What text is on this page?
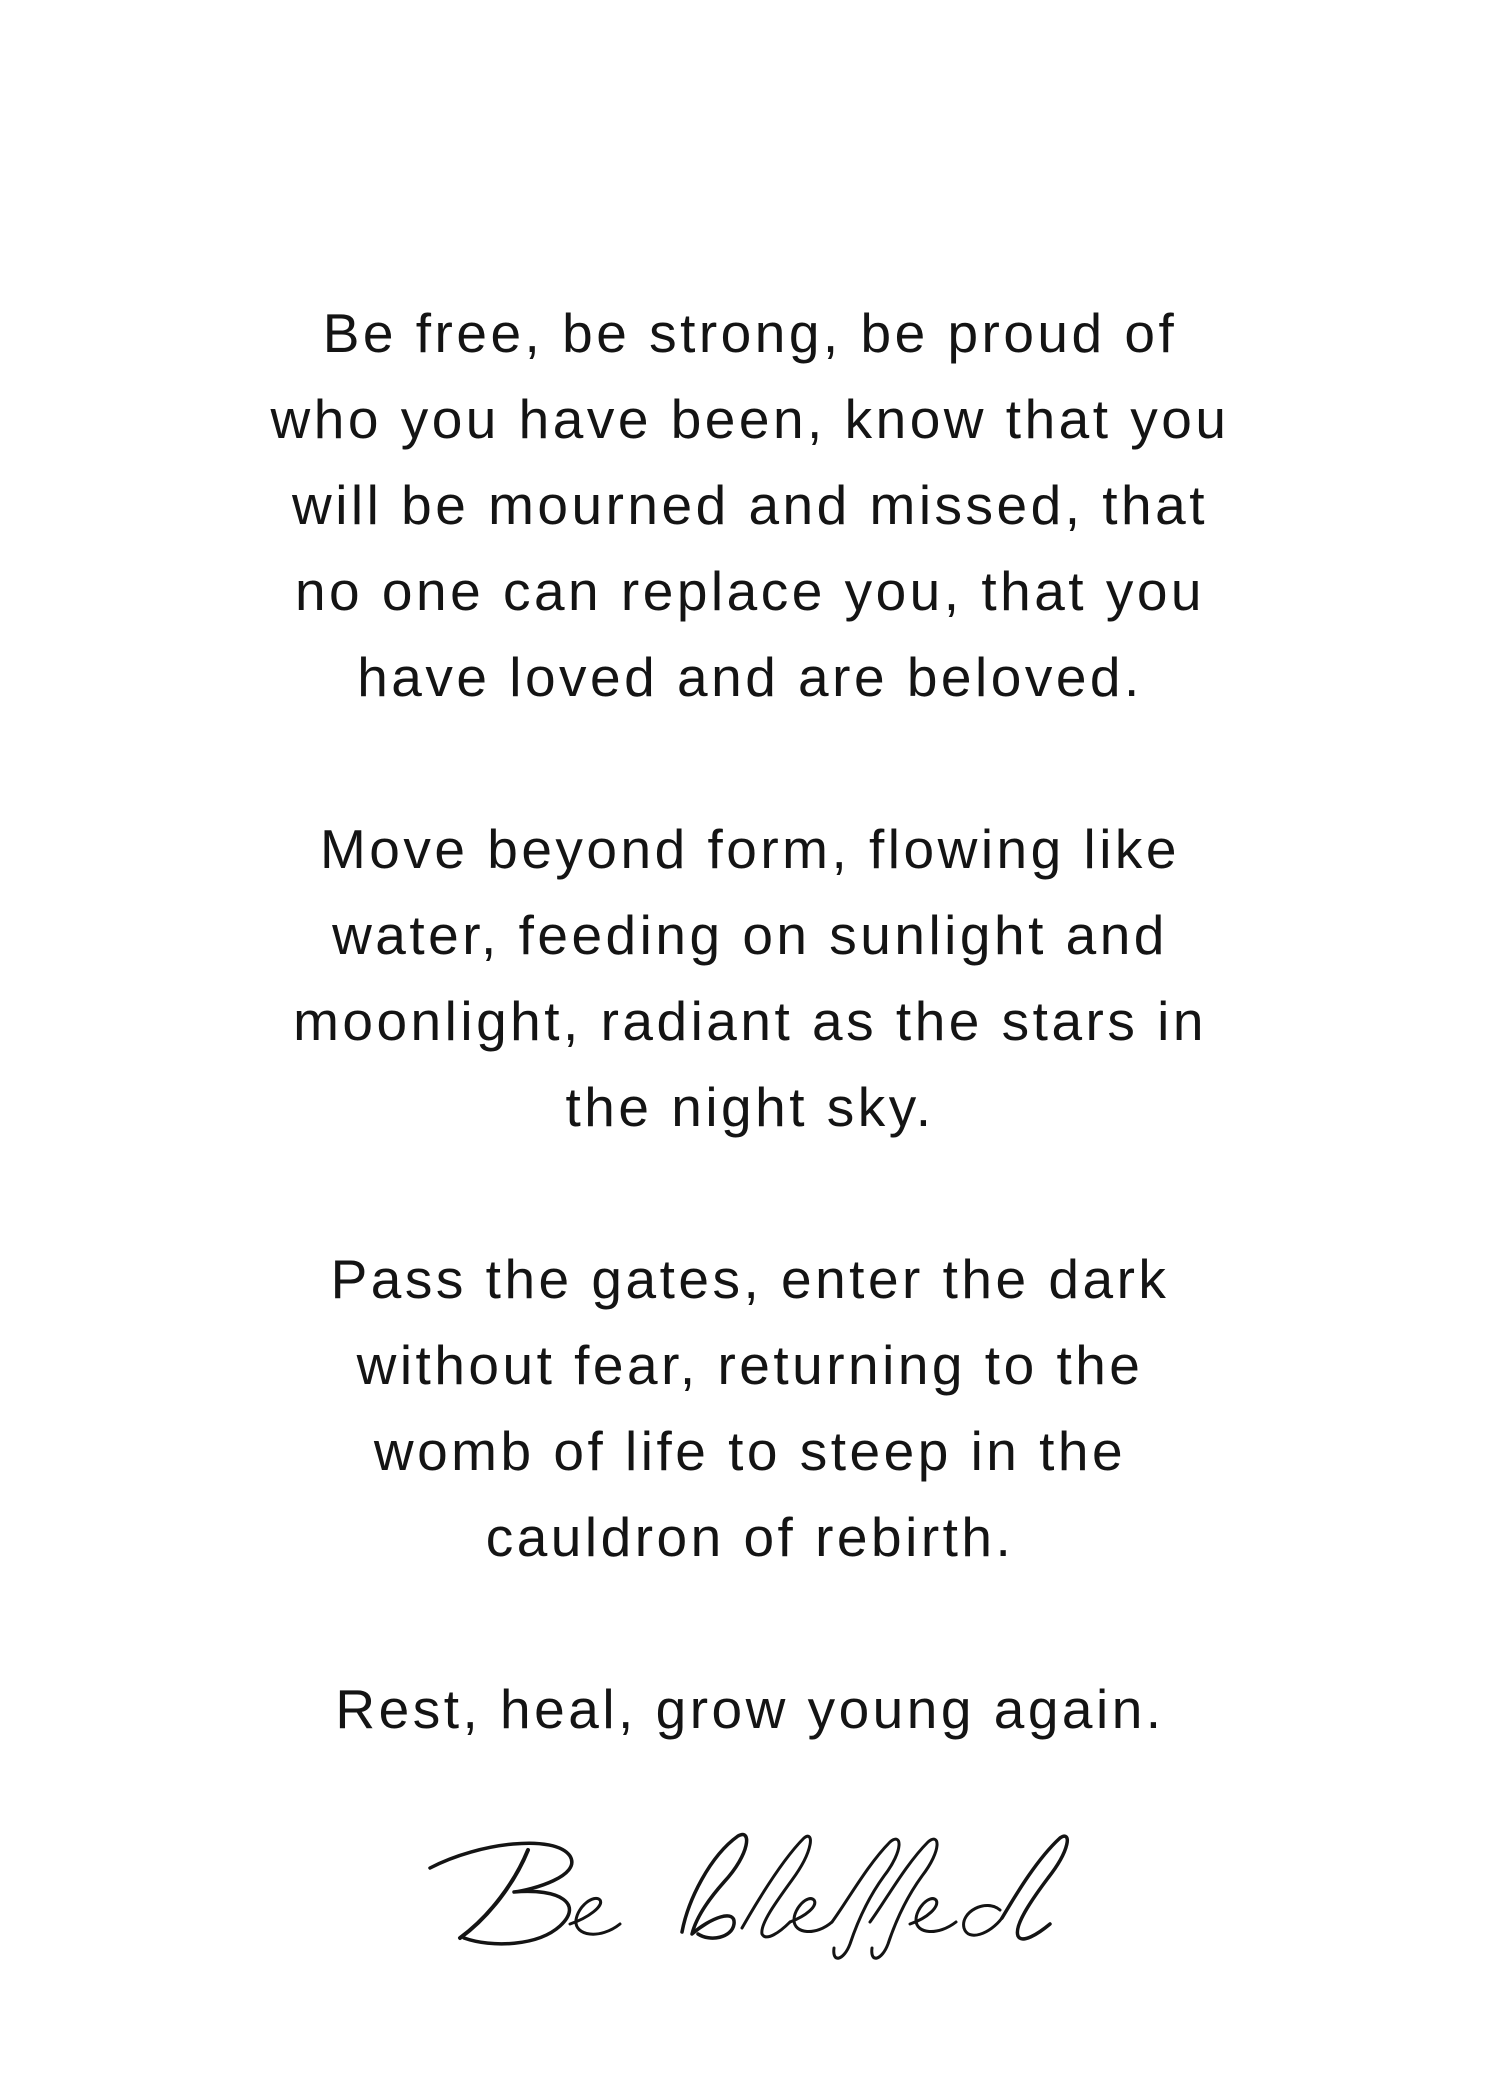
Be free, be strong, be proud of
who you have been, know that you
will be mourned and missed, that
no one can replace you, that you
have loved and are beloved.
Move beyond form, flowing like
water, feeding on sunlight and
moonlight, radiant as the stars in
the night sky.
Pass the gates, enter the dark
without fear, returning to the
womb of life to steep in the
cauldron of rebirth.
Rest, heal, grow young again.
